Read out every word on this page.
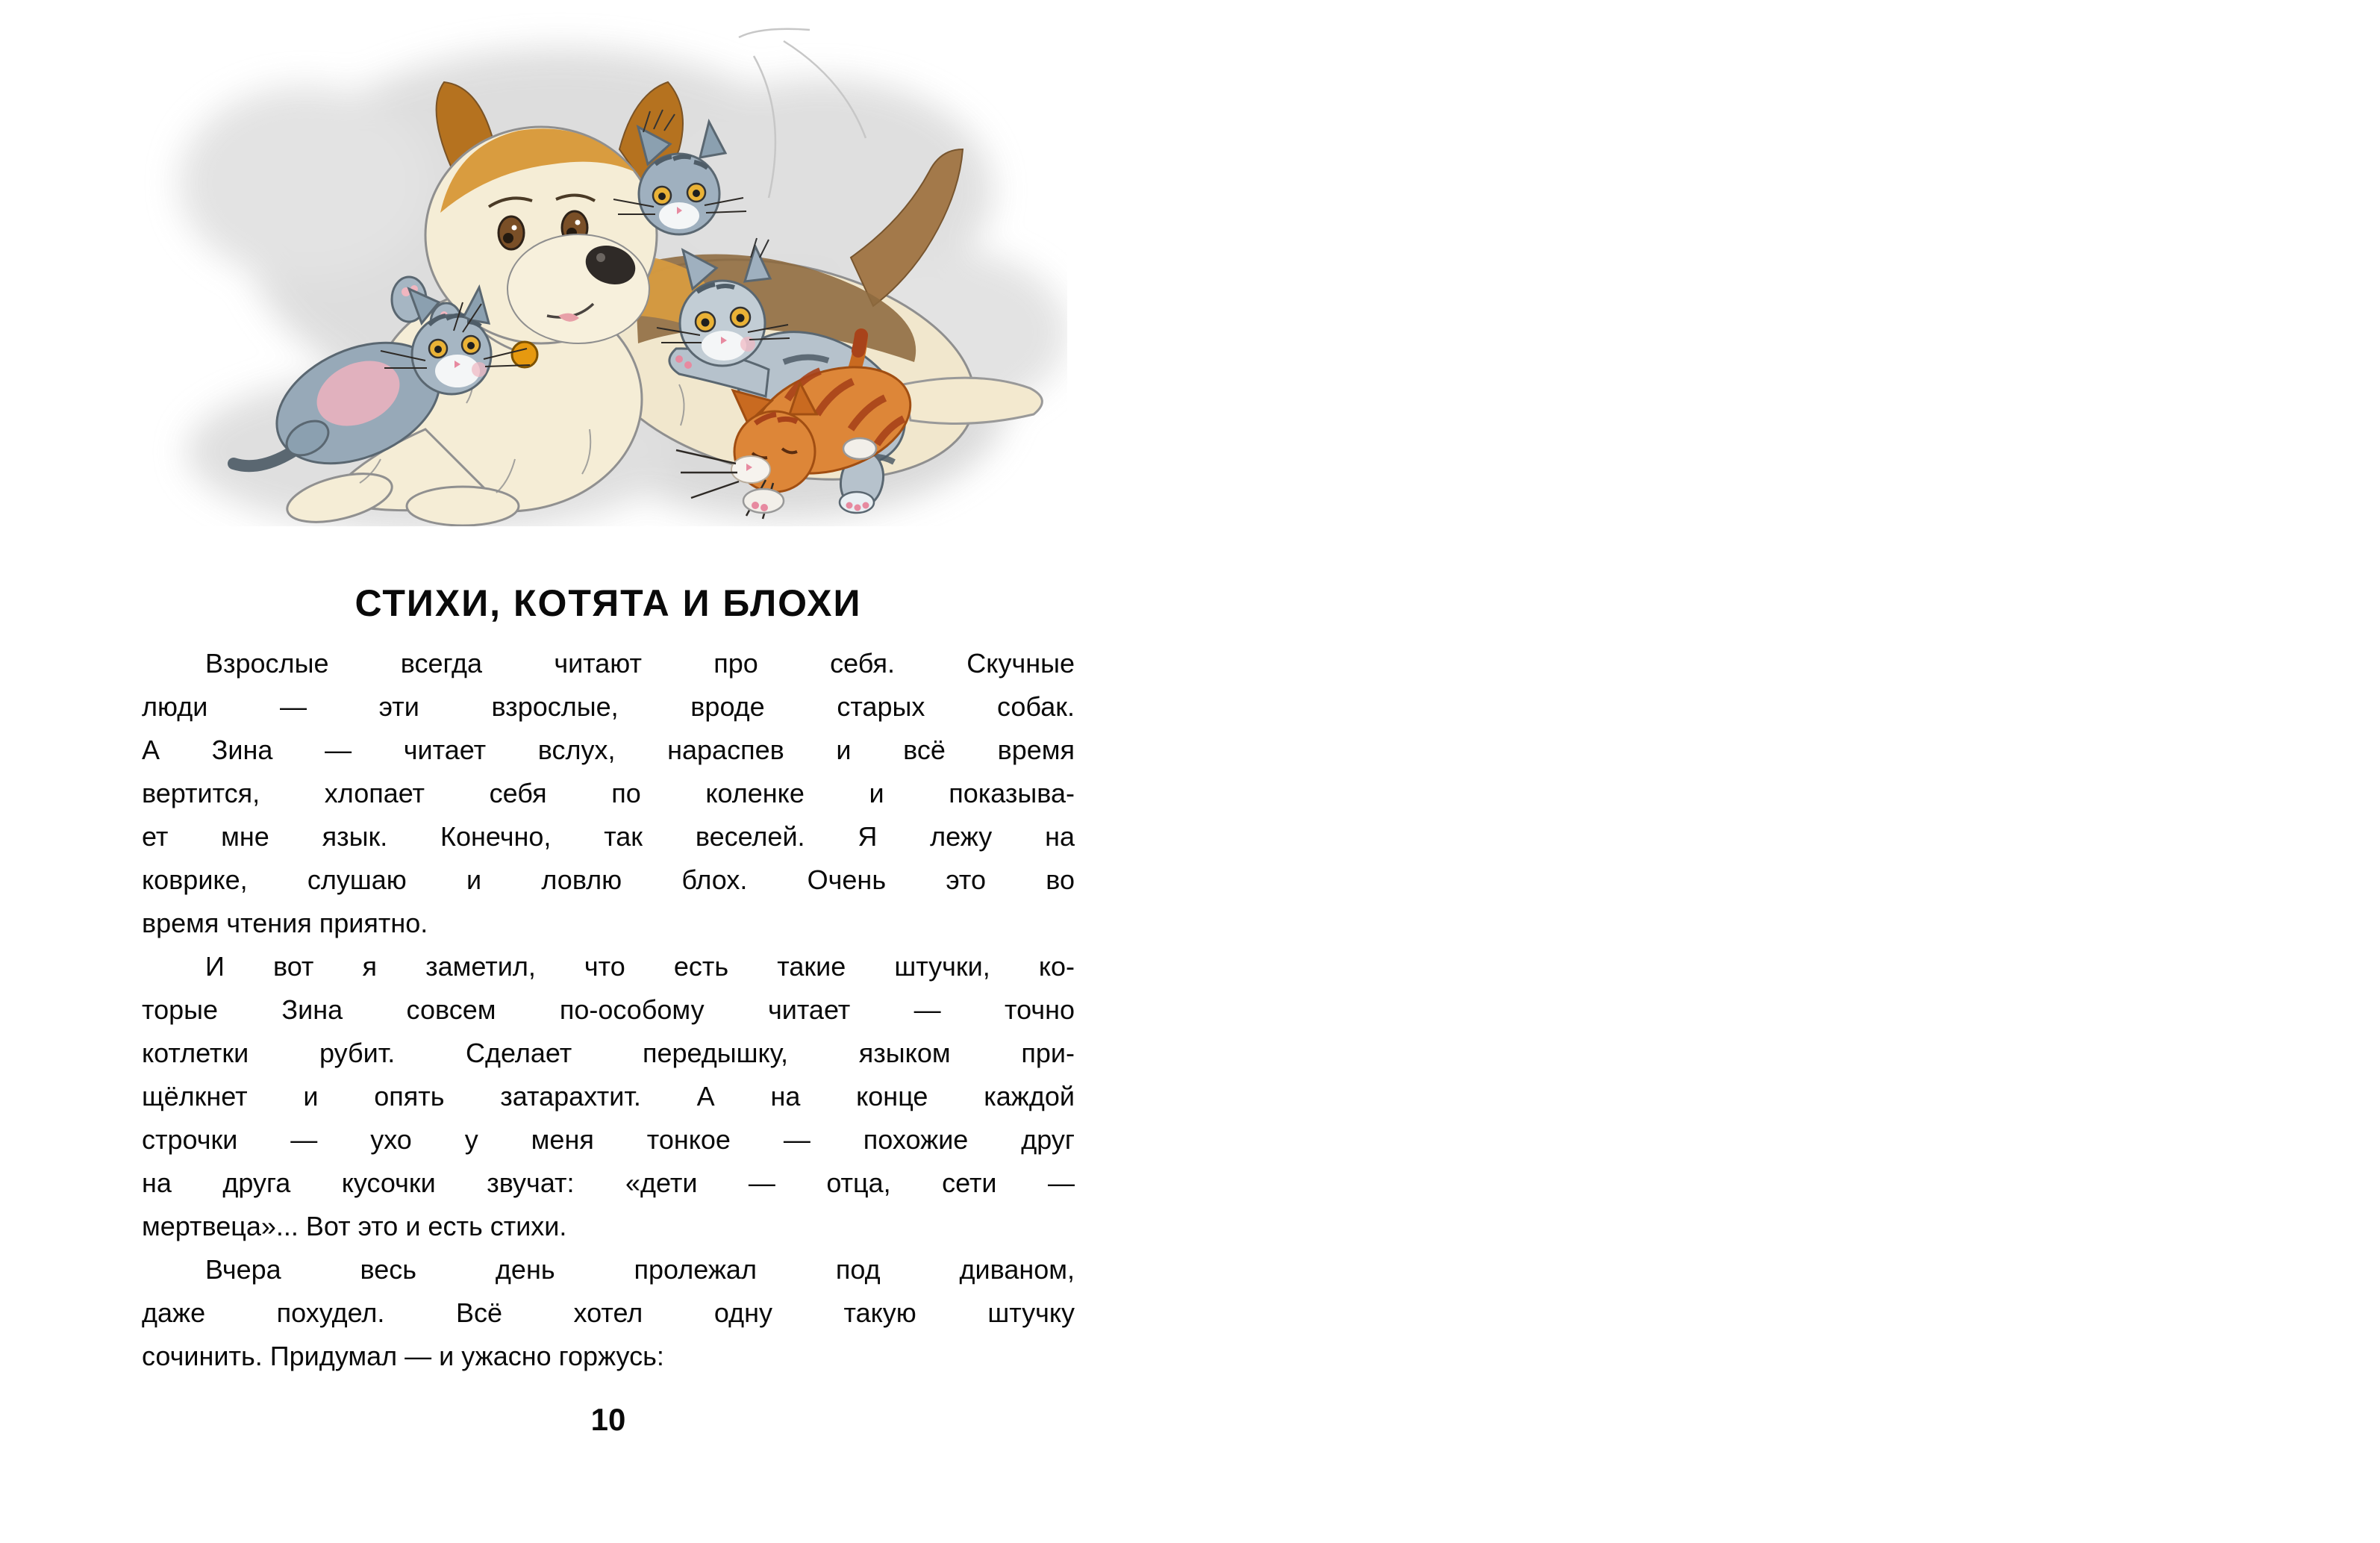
СТИХИ, КОТЯТА И БЛОХИ
Взрослые всегда читают про себя. Скучные
люди — эти взрослые, вроде старых собак.
А Зина — читает вслух, нараспев и всё время
вертится, хлопает себя по коленке и показыва-
ет мне язык. Конечно, так веселей. Я лежу на
коврике, слушаю и ловлю блох. Очень это во
время чтения приятно.
И вот я заметил, что есть такие штучки, ко-
торые Зина совсем по-особому читает — точно
котлетки рубит. Сделает передышку, языком при-
щёлкнет и опять затарахтит. А на конце каждой
строчки — ухо у меня тонкое — похожие друг
на друга кусочки звучат: «дети — отца, сети —
мертвеца»... Вот это и есть стихи.
Вчера весь день пролежал под диваном,
даже похудел. Всё хотел одну такую штучку
сочинить. Придумал — и ужасно горжусь:
10
